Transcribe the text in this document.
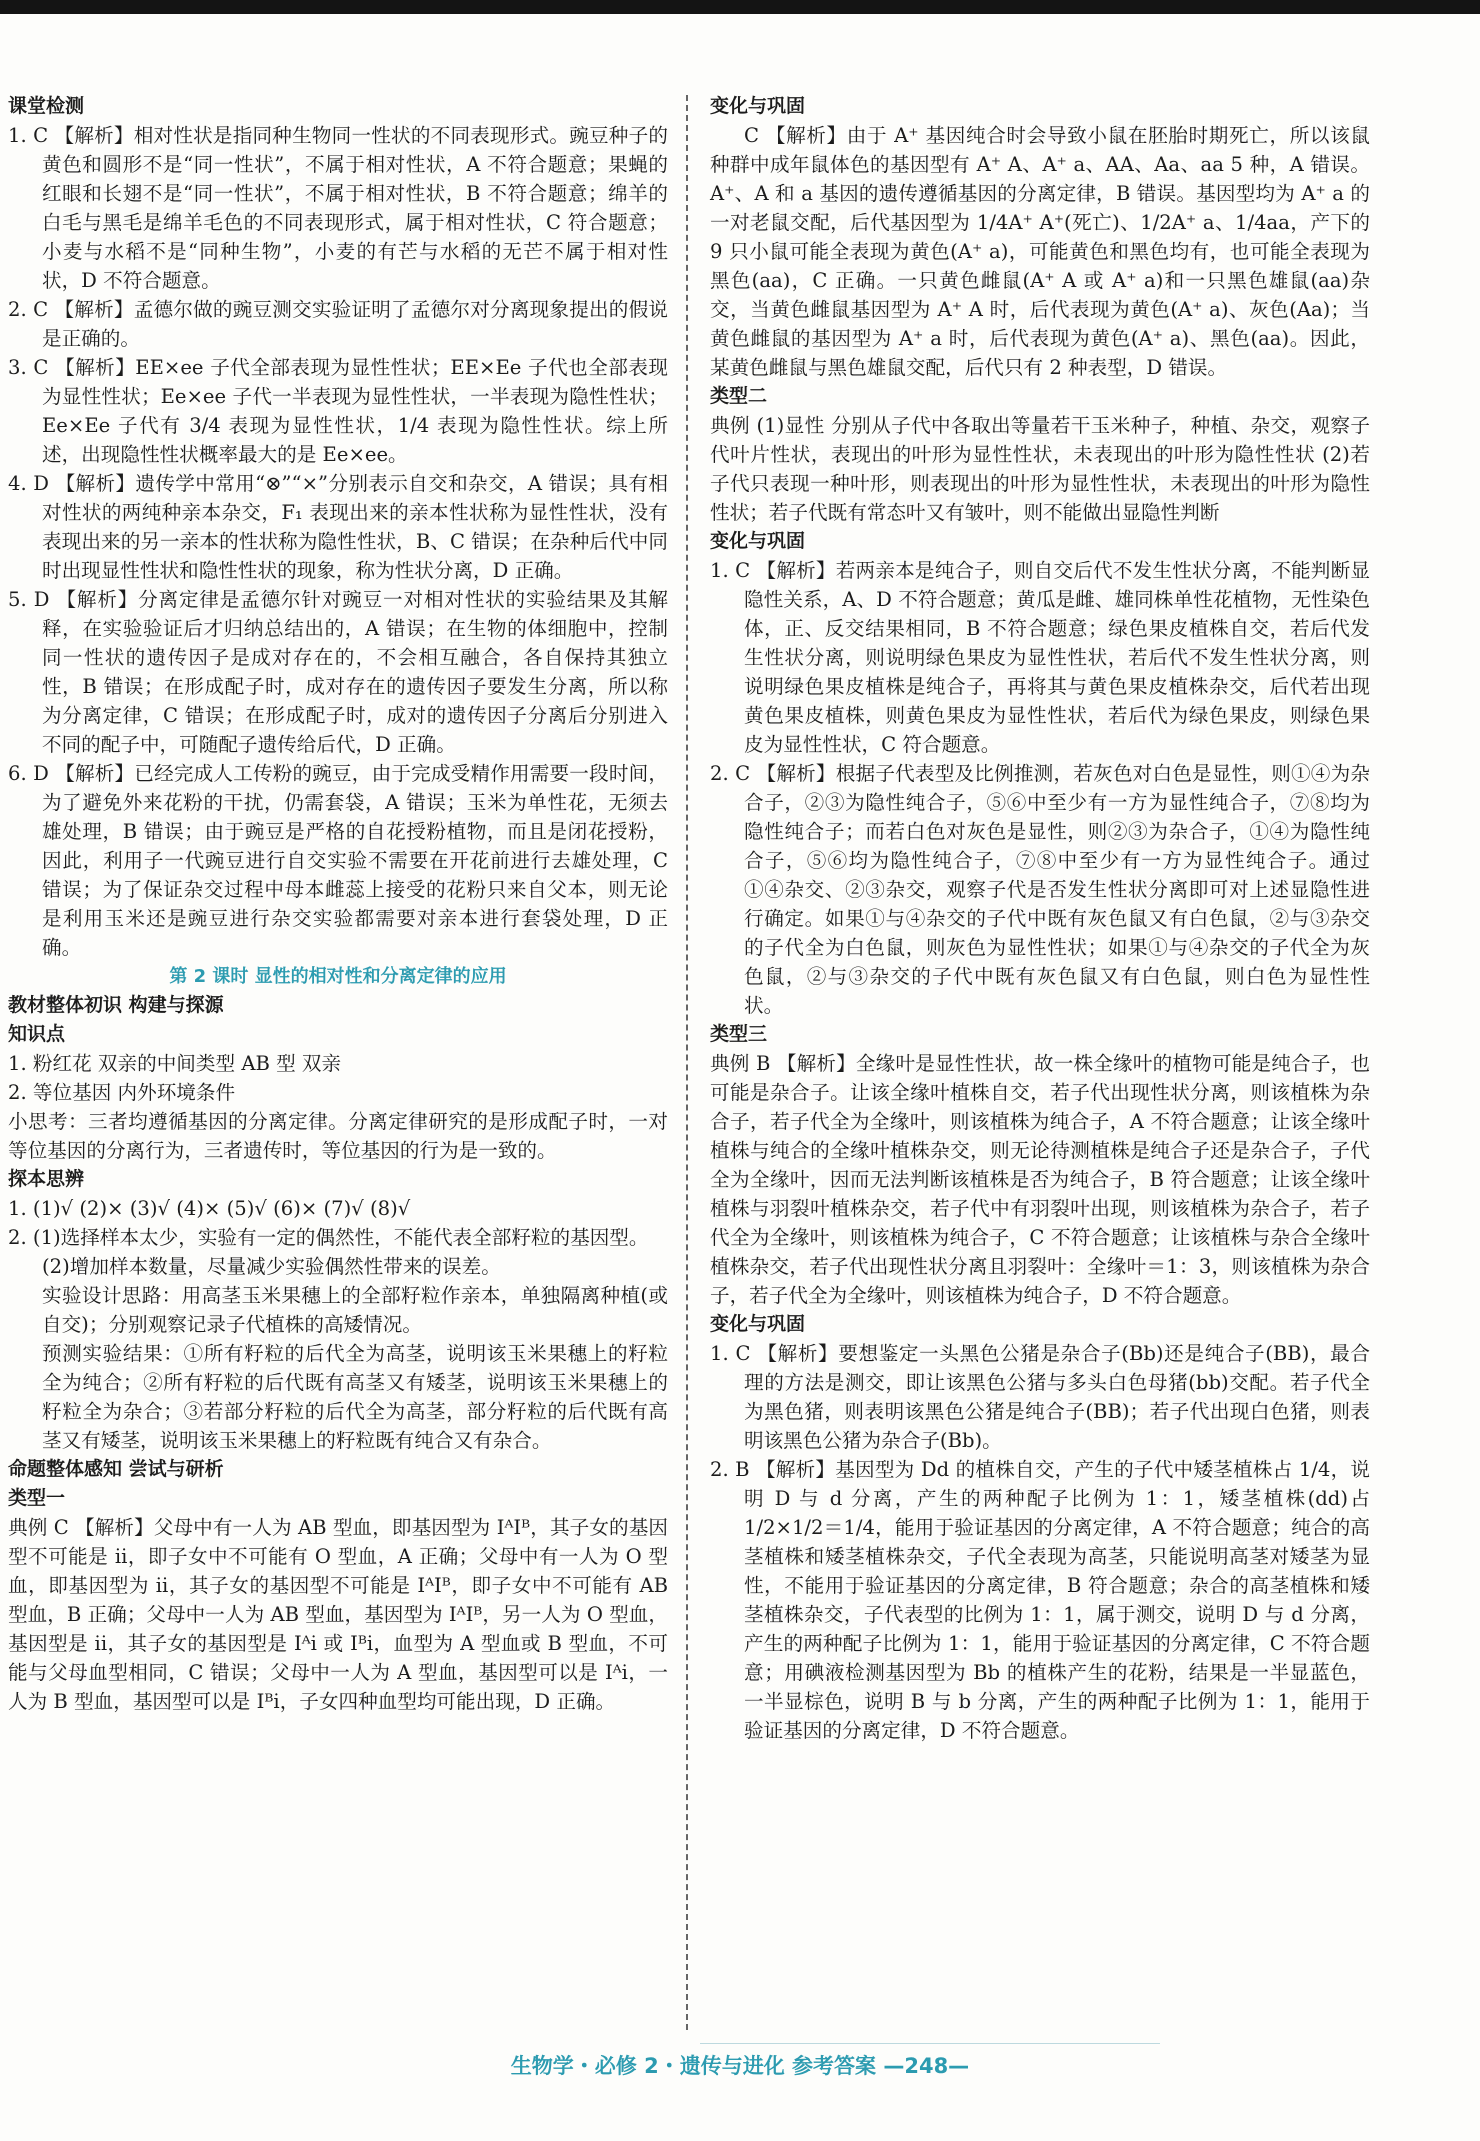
课堂检测

1. C 【解析】相对性状是指同种生物同一性状的不同表现形式。豌豆种子的黄色和圆形不是“同一性状”，不属于相对性状，A 不符合题意；果蝇的红眼和长翅不是“同一性状”，不属于相对性状，B 不符合题意；绵羊的白毛与黑毛是绵羊毛色的不同表现形式，属于相对性状，C 符合题意；小麦与水稻不是“同种生物”，小麦的有芒与水稻的无芒不属于相对性状，D 不符合题意。

2. C 【解析】孟德尔做的豌豆测交实验证明了孟德尔对分离现象提出的假说是正确的。

3. C 【解析】EE×ee 子代全部表现为显性性状；EE×Ee 子代也全部表现为显性性状；Ee×ee 子代一半表现为显性性状，一半表现为隐性性状；Ee×Ee 子代有 3/4 表现为显性性状，1/4 表现为隐性性状。综上所述，出现隐性性状概率最大的是 Ee×ee。

4. D 【解析】遗传学中常用“⊗”“×”分别表示自交和杂交，A 错误；具有相对性状的两纯种亲本杂交，F₁ 表现出来的亲本性状称为显性性状，没有表现出来的另一亲本的性状称为隐性性状，B、C 错误；在杂种后代中同时出现显性性状和隐性性状的现象，称为性状分离，D 正确。

5. D 【解析】分离定律是孟德尔针对豌豆一对相对性状的实验结果及其解释，在实验验证后才归纳总结出的，A 错误；在生物的体细胞中，控制同一性状的遗传因子是成对存在的，不会相互融合，各自保持其独立性，B 错误；在形成配子时，成对存在的遗传因子要发生分离，所以称为分离定律，C 错误；在形成配子时，成对的遗传因子分离后分别进入不同的配子中，可随配子遗传给后代，D 正确。

6. D 【解析】已经完成人工传粉的豌豆，由于完成受精作用需要一段时间，为了避免外来花粉的干扰，仍需套袋，A 错误；玉米为单性花，无须去雄处理，B 错误；由于豌豆是严格的自花授粉植物，而且是闭花授粉，因此，利用子一代豌豆进行自交实验不需要在开花前进行去雄处理，C 错误；为了保证杂交过程中母本雌蕊上接受的花粉只来自父本，则无论是利用玉米还是豌豆进行杂交实验都需要对亲本进行套袋处理，D 正确。

第 2 课时 显性的相对性和分离定律的应用

教材整体初识 构建与探源

知识点

1. 粉红花 双亲的中间类型 AB 型 双亲

2. 等位基因 内外环境条件

小思考：三者均遵循基因的分离定律。分离定律研究的是形成配子时，一对等位基因的分离行为，三者遗传时，等位基因的行为是一致的。

探本思辨

1. (1)√ (2)× (3)√ (4)× (5)√ (6)× (7)√ (8)√

2. (1)选择样本太少，实验有一定的偶然性，不能代表全部籽粒的基因型。

(2)增加样本数量，尽量减少实验偶然性带来的误差。

实验设计思路：用高茎玉米果穗上的全部籽粒作亲本，单独隔离种植(或自交)；分别观察记录子代植株的高矮情况。

预测实验结果：①所有籽粒的后代全为高茎，说明该玉米果穗上的籽粒全为纯合；②所有籽粒的后代既有高茎又有矮茎，说明该玉米果穗上的籽粒全为杂合；③若部分籽粒的后代全为高茎，部分籽粒的后代既有高茎又有矮茎，说明该玉米果穗上的籽粒既有纯合又有杂合。

命题整体感知 尝试与研析

类型一

典例 C 【解析】父母中有一人为 AB 型血，即基因型为 IᴬIᴮ，其子女的基因型不可能是 ii，即子女中不可能有 O 型血，A 正确；父母中有一人为 O 型血，即基因型为 ii，其子女的基因型不可能是 IᴬIᴮ，即子女中不可能有 AB 型血，B 正确；父母中一人为 AB 型血，基因型为 IᴬIᴮ，另一人为 O 型血，基因型是 ii，其子女的基因型是 Iᴬi 或 Iᴮi，血型为 A 型血或 B 型血，不可能与父母血型相同，C 错误；父母中一人为 A 型血，基因型可以是 Iᴬi，一人为 B 型血，基因型可以是 Iᴮi，子女四种血型均可能出现，D 正确。

变化与巩固

C 【解析】由于 A⁺ 基因纯合时会导致小鼠在胚胎时期死亡，所以该鼠种群中成年鼠体色的基因型有 A⁺ A、A⁺ a、AA、Aa、aa 5 种，A 错误。A⁺、A 和 a 基因的遗传遵循基因的分离定律，B 错误。基因型均为 A⁺ a 的一对老鼠交配，后代基因型为 1/4A⁺ A⁺(死亡)、1/2A⁺ a、1/4aa，产下的 9 只小鼠可能全表现为黄色(A⁺ a)，可能黄色和黑色均有，也可能全表现为黑色(aa)，C 正确。一只黄色雌鼠(A⁺ A 或 A⁺ a)和一只黑色雄鼠(aa)杂交，当黄色雌鼠基因型为 A⁺ A 时，后代表现为黄色(A⁺ a)、灰色(Aa)；当黄色雌鼠的基因型为 A⁺ a 时，后代表现为黄色(A⁺ a)、黑色(aa)。因此，某黄色雌鼠与黑色雄鼠交配，后代只有 2 种表型，D 错误。

类型二

典例 (1)显性 分别从子代中各取出等量若干玉米种子，种植、杂交，观察子代叶片性状，表现出的叶形为显性性状，未表现出的叶形为隐性性状 (2)若子代只表现一种叶形，则表现出的叶形为显性性状，未表现出的叶形为隐性性状；若子代既有常态叶又有皱叶，则不能做出显隐性判断

变化与巩固

1. C 【解析】若两亲本是纯合子，则自交后代不发生性状分离，不能判断显隐性关系，A、D 不符合题意；黄瓜是雌、雄同株单性花植物，无性染色体，正、反交结果相同，B 不符合题意；绿色果皮植株自交，若后代发生性状分离，则说明绿色果皮为显性性状，若后代不发生性状分离，则说明绿色果皮植株是纯合子，再将其与黄色果皮植株杂交，后代若出现黄色果皮植株，则黄色果皮为显性性状，若后代为绿色果皮，则绿色果皮为显性性状，C 符合题意。

2. C 【解析】根据子代表型及比例推测，若灰色对白色是显性，则①④为杂合子，②③为隐性纯合子，⑤⑥中至少有一方为显性纯合子，⑦⑧均为隐性纯合子；而若白色对灰色是显性，则②③为杂合子，①④为隐性纯合子，⑤⑥均为隐性纯合子，⑦⑧中至少有一方为显性纯合子。通过①④杂交、②③杂交，观察子代是否发生性状分离即可对上述显隐性进行确定。如果①与④杂交的子代中既有灰色鼠又有白色鼠，②与③杂交的子代全为白色鼠，则灰色为显性性状；如果①与④杂交的子代全为灰色鼠，②与③杂交的子代中既有灰色鼠又有白色鼠，则白色为显性性状。

类型三

典例 B 【解析】全缘叶是显性性状，故一株全缘叶的植物可能是纯合子，也可能是杂合子。让该全缘叶植株自交，若子代出现性状分离，则该植株为杂合子，若子代全为全缘叶，则该植株为纯合子，A 不符合题意；让该全缘叶植株与纯合的全缘叶植株杂交，则无论待测植株是纯合子还是杂合子，子代全为全缘叶，因而无法判断该植株是否为纯合子，B 符合题意；让该全缘叶植株与羽裂叶植株杂交，若子代中有羽裂叶出现，则该植株为杂合子，若子代全为全缘叶，则该植株为纯合子，C 不符合题意；让该植株与杂合全缘叶植株杂交，若子代出现性状分离且羽裂叶：全缘叶＝1：3，则该植株为杂合子，若子代全为全缘叶，则该植株为纯合子，D 不符合题意。

变化与巩固

1. C 【解析】要想鉴定一头黑色公猪是杂合子(Bb)还是纯合子(BB)，最合理的方法是测交，即让该黑色公猪与多头白色母猪(bb)交配。若子代全为黑色猪，则表明该黑色公猪是纯合子(BB)；若子代出现白色猪，则表明该黑色公猪为杂合子(Bb)。

2. B 【解析】基因型为 Dd 的植株自交，产生的子代中矮茎植株占 1/4，说明 D 与 d 分离，产生的两种配子比例为 1：1，矮茎植株(dd)占 1/2×1/2＝1/4，能用于验证基因的分离定律，A 不符合题意；纯合的高茎植株和矮茎植株杂交，子代全表现为高茎，只能说明高茎对矮茎为显性，不能用于验证基因的分离定律，B 符合题意；杂合的高茎植株和矮茎植株杂交，子代表型的比例为 1：1，属于测交，说明 D 与 d 分离，产生的两种配子比例为 1：1，能用于验证基因的分离定律，C 不符合题意；用碘液检测基因型为 Bb 的植株产生的花粉，结果是一半显蓝色，一半显棕色，说明 B 与 b 分离，产生的两种配子比例为 1：1，能用于验证基因的分离定律，D 不符合题意。

生物学・必修 2・遗传与进化 参考答案 —248—
